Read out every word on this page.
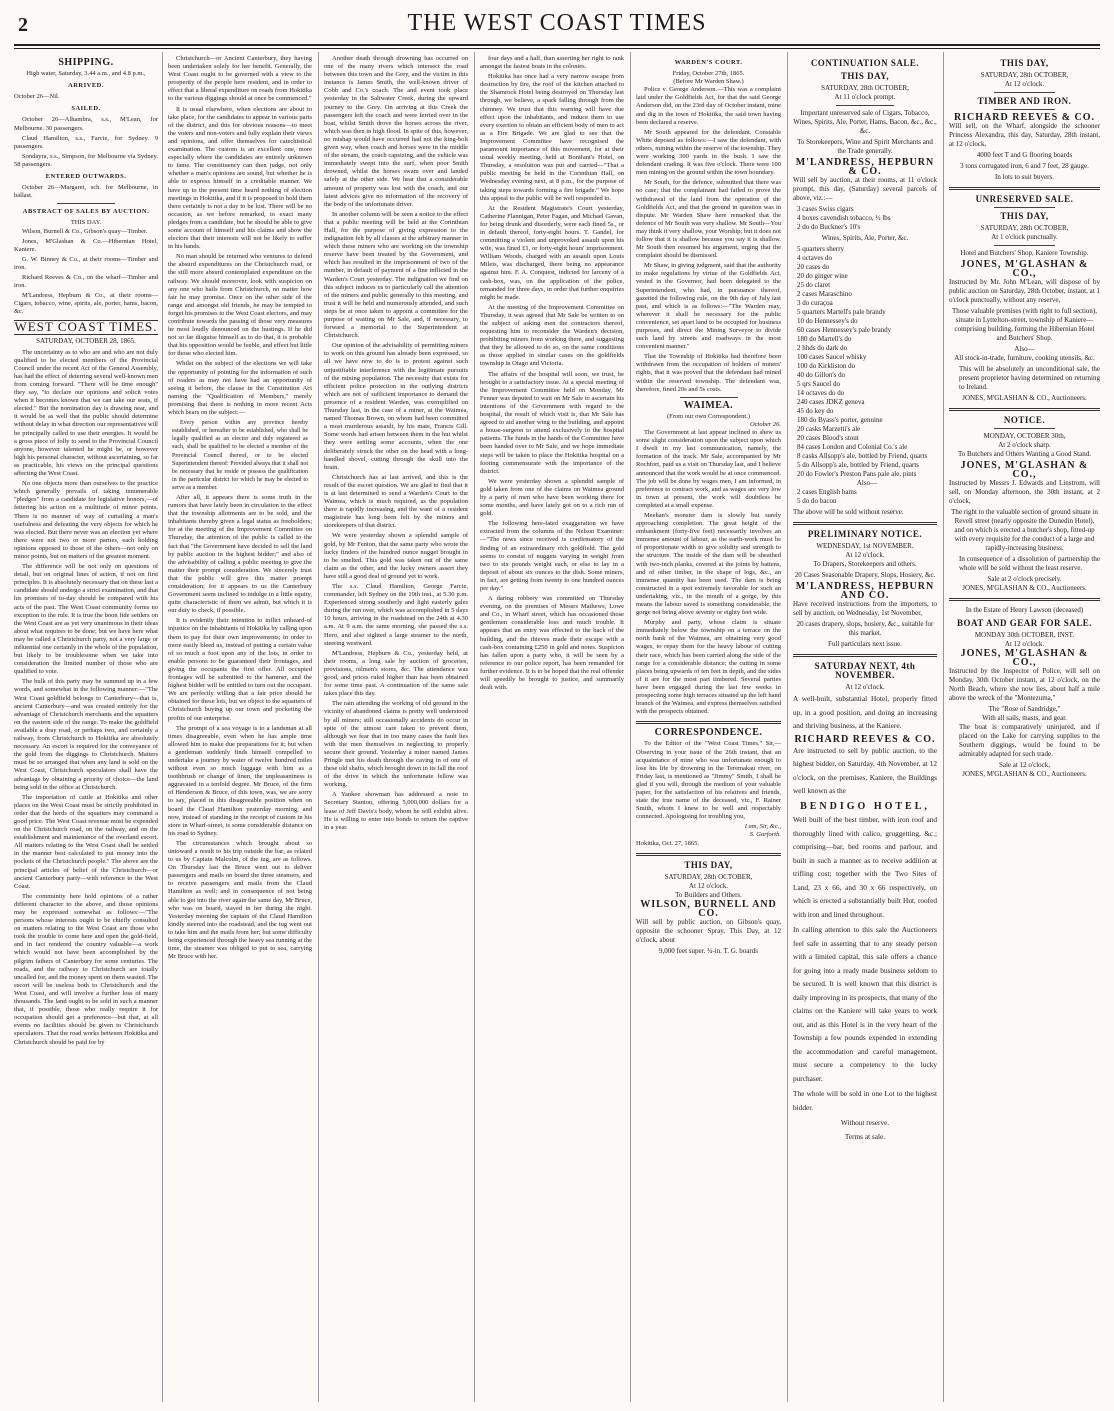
2	THE WEST COAST TIMES
SHIPPING.
High water, Saturday, 3.44 a.m., and 4.8 p.m.,
ARRIVED.
October 26—Nil.
SAILED.

October 26—Alhambra, s.s., M'Lean, for Melbourne. 30 passengers.

Claud Hamilton, s.s., Farcie, for Sydney. 9 passengers.

Sondayra, s.s., Simpson, for Melbourne via Sydney. 58 passengers.

ENTERED OUTWARDS.

October 26—Margaret, sch. for Melbourne, in ballast.

ABSTRACT OF SALES BY AUCTION.
THIS DAY.

Wilson, Burnell & Co., Gibson's quay—Timber.

Jones, M'Glashan & Co.—Hibernian Hotel, Kaniere.

G. W. Binney & Co., at their rooms—Timber and iron.

Richard Reeves & Co., on the wharf—Timber and iron.

M'Landress, Hepburn & Co., at their rooms—Cigars, tobacco, wine, spirits, ale, porter, hams, bacon, &c.

WEST COAST TIMES.
SATURDAY, OCTOBER 28, 1865.

The uncertainty as to who are and who are not duly qualified to be elected members of the Provincial Council under the recent Act of the General Assembly, has had the effect of deterring several well-known men from coming forward. "There will be time enough" they say, "to declare our opinions and solicit votes when it becomes known that we can take our seats, if elected." But the nomination day is drawing near, and it would be as well that the public should determine without delay in what direction our representatives will be principally called to use their energies. It would be a gross piece of folly to send to the Provincial Council anyone, however talented he might be, or however high his personal character, without ascertaining, so far as practicable, his views on the principal questions affecting the West Coast.

No one objects more than ourselves to the practice which generally prevails of taking innumerable "pledges" from a candidate for legislative honors,—of fettering his action on a multitude of minor points. There is no manner of way of curtailing a man's usefulness and defeating the very objects for which he was elected. But there never was an election yet where there were not two or more parties, each holding opinions opposed to those of the others—not only on minor points, but on matters of the greatest moment.

The difference will be not only on questions of detail, but on original lines of action, if not on first principles. It is absolutely necessary that on these last a candidate should undergo a strict examination, and that his promises of to-day should be compared with his acts of the past. The West Coast community forms no exception to the rule. It is true the boon fide settlers on the West Coast are as yet very unanimous in their ideas about what requires to be done; but we have here what may be called a Christchurch party, not a very large or influential one certainly in the whole of the population, but likely to be troublesome when we take into consideration the limited number of those who are qualified to vote.

The bulk of this party may be summed up in a few words, and somewhat in the following manner:—"The West Coast goldfield belongs to Canterbury—that is, ancient Canterbury—and was created entirely for the advantage of Christchurch merchants and the squatters on the eastern side of the range. To make the goldfield available a dray road, or perhaps two, and certainly a railway, from Christchurch to Hokitika are absolutely necessary. An escort is required for the conveyance of the gold from the diggings to Christchurch. Matters must be so arranged that when any land is sold on the West Coast, Christchurch speculators shall have the advantage by obtaining a priority of choice—the land being sold in the office at Christchurch.

The importation of cattle at Hokitika and other places on the West Coast must be strictly prohibited in order that the herds of the squatters may command a good price. The West Coast revenue must be expended on the Christchurch road, on the railway, and on the establishment and maintenance of the overland escort. All matters relating to the West Coast shall be settled in the manner best calculated to put money into the pockets of the Christchurch people." The above are the principal articles of belief of the Christchurch—or ancient Canterbury party—with reference to the West Coast.

The community here hold opinions of a rather different character to the above, and those opinions may be expressed somewhat as follows:—"The persons whose interests ought to be chiefly consulted on matters relating to the West Coast are those who took the trouble to come here and open the gold-field, and in fact rendered the country valuable—a work which would not have been accomplished by the pilgrim fathers of Canterbury for some centuries. The roads, and the railway to Christchurch are totally uncalled for, and the money spent on them wasted. The escort will be useless both to Christchurch and the West Coast, and will involve a further loss of many thousands. The land ought to be sold in such a manner that, if possible, those who really require it for occupation should get a preference—but that, at all events no facilities should be given to Christchurch speculators. That the road works between Hokitika and Christchurch should be paid for by

Christchurch—or Ancient Canterbury, they having been undertaken solely for her benefit. Generally, the West Coast ought to be governed with a view to the prosperity of the people here resident, and in order to effect that a liberal expenditure on roads from Hokitika to the various diggings should at once be commenced."

It is usual elsewhere, when elections are about to take place, for the candidates to appear in various parts of the district, and this for obvious reasons—to meet the voters and non-voters and fully explain their views and opinions, and offer themselves for catechistical examination. The custom is an excellent one, more especially where the candidates are entirely unknown to fame. The constituency can then judge, not only whether a man's opinions are sound, but whether he is able to express himself in a creditable manner. We have up to the present time heard nothing of election meetings in Hokitika, and if it is proposed to hold them there certainly is not a day to be lost. There will be no occasion, as we before remarked, to exact many pledges from a candidate, but he should be able to give some account of himself and his claims and show the electors that their interests will not be likely to suffer in his hands.

No man should be returned who ventures to defend the absurd expenditures on the Christchurch road, or the still more absurd contemplated expenditure on the railway. We should moreover, look with suspicion on any one who hails from Christchurch, no matter how fair he may promise. Once on the other side of the range and amongst old friends, he may be tempted to forget his promises to the West Coast electors, and may contribute towards the passing of those very measures he most loudly denounced on the hustings. If he did not so far disguise himself as to do that, it is probable that his opposition would be feeble, and effect but little for those who elected him.

Whilst on the subject of the elections we will take the opportunity of pointing for the information of such of readers as may not have had an opportunity of seeing it before, the clause in the Constitution Act naming the "Qualification of Members," merely promising that there is nothing in more recent Acts which bears on the subject:—

Every person within any province hereby established, or hereafter to be established, who shall be legally qualified as an elector and duly registered as such, shall be qualified to be elected a member of the Provincial Council thereof, or to be elected Superintendent thereof: Provided always that it shall not be necessary that he reside or possess the qualification in the particular district for which he may be elected to serve as a member.

After all, it appears there is some truth in the rumors that have lately been in circulation to the effect that the township allotments are to be sold, and the inhabitants thereby given a legal status as freeholders; for at the meeting of the Improvement Committee on Thursday, the attention of the public is called to the fact that "the Government have decided to sell the land by public auction in the highest bidder;" and also of the advisability of calling a public meeting to give the matter their prompt consideration. We sincerely trust that the public will give this matter prompt consideration; for it appears to us the Canterbury Government seem inclined to indulge in a little equity, quite characteristic of them we admit, but which it is our duty to check, if possible.

It is evidently their intention to inflict unheard-of injustice on the inhabitants of Hokitika by calling upon them to pay for their own improvements; in order to more easily bleed us, instead of putting a certain value of so much a foot upon any of the lots, in order to enable persons to be guaranteed their frontages, and giving the occupants the first offer. All occupied frontages will be submitted to the hammer, and the highest bidder will be entitled to turn out the occupant. We are perfectly willing that a fair price should be obtained for these lots, but we object to the squatters of Christchurch buying up our town and pocketing the profits of our enterprise.

The prompt of a sea voyage is to a landsman at all times disagreeable, even when he has ample time allowed him to make due preparations for it; but when a gentleman suddenly finds himself compelled to undertake a journey by water of twelve hundred miles without even so much luggage with him as a toothbrush or change of linen, the unpleasantness is aggravated in a tenfold degree. Mr Bruce, of the firm of Henderson & Bruce, of this town, was, we are sorry to say, placed in this disagreeable position when on board the Claud Hamilton yesterday morning, and now, instead of standing in the receipt of custom in his store in Wharf-street, is some considerable distance on his road to Sydney.

The circumstances which brought about so untoward a result to his trip outside the bar, as related to us by Captain Malcolm, of the tug, are as follows. On Thursday last the Bruce went out to deliver passengers and mails on board the three steamers, and to receive passengers and mails from the Claud Hamilton as well; and in consequence of not being able to get into the river again the same day, Mr Bruce, who was on board, stayed in her during the night. Yesterday morning the captain of the Claud Hamilton kindly steered into the roadstead, and the tug went out to take him and the mails from her; but some difficulty being experienced through the heavy sea running at the time, the steamer was obliged to put to sea, carrying Mr Bruce with her.

Another death through drowning has occurred on one of the many rivers which intersect the road between this town and the Grey, and the victim in this instance is James Smith, the well-known driver of Cobb and Co.'s coach. The and event took place yesterday in the Saltwater Creek, during the upward journey to the Grey. On arriving at this Creek the passengers left the coach and were ferried over in the boat, whilst Smith drove the horses across the river, which was then in high flood. In spite of this, however, no mishap would have occurred had not the king-bolt given way, when coach and horses were in the middle of the stream, the coach capsizing, and the vehicle was immediately swept into the surf, when poor Smith drowned, whilst the horses swam over and landed safely at the other side. We hear that a considerable amount of property was lost with the coach, and our latest advices give no information of the recovery of the body of the unfortunate driver.

In another column will be seen a notice to the effect that a public meeting will be held at the Corinthian Hall, for the purpose of giving expression to the indignation felt by all classes at the arbitrary manner in which these miners who are working on the township reserve have been treated by the Government, and which has resulted in the imprisonment of two of the number, in default of payment of a fine inflicted in the Warden's Court yesterday. The indignation we find on this subject induces us to particularly call the attention of the miners and public generally to this meeting, and trust it will be held and numerously attended, and such steps be at once taken to appoint a committee for the purpose of waiting on Mr Sale, and, if necessary, to forward a memorial to the Superintendent at Christchurch.

Our opinion of the advisability of permitting miners to work on this ground has already been expressed, so all we have now to do is to protest against such unjustifiable interference with the legitimate pursuits of the mining population. The necessity that exists for efficient police protection in the outlying districts which are not of sufficient importance to demand the presence of a resident Warden, was exemplified on Thursday last, in the case of a miner, at the Waimea, named Thomas Brown, on whom had been committed a most murderous assault, by his mate, Francis Gill. Some words had arisen between them in the hut whilst they were settling some accounts, when the one deliberately struck the other on the head with a long-handled shovel, cutting through the skull into the brain.

Christchurch has at last arrived, and this is the result of the escort question. We are glad to find that it is at last determined to send a Warden's Court to the Waimea, which is much required, as the population there is rapidly increasing, and the want of a resident magistrate has long been felt by the miners and storekeepers of that district.

We were yesterday shown a splendid sample of gold, by Mr Fenton, that the same party who wrote the lucky finders of the hundred ounce nugget brought in to be smelted. This gold was taken out of the same claim as the other, and the lucky owners assert they have still a good deal of ground yet to work.

The s.s. Claud Hamilton, George Farcie, commander, left Sydney on the 19th inst., at 5.30 p.m. Experienced strong southerly and light easterly gales during the run over, which was accomplished in 5 days 10 hours, arriving in the roadstead on the 24th at 4.30 a.m. At 9 a.m. the same morning, she passed the s.s. Hero, and also sighted a large steamer to the north, steering westward.

M'Landress, Hepburn & Co., yesterday held, at their rooms, a long sale by auction of groceries, provisions, oilmen's stores, &c. The attendance was good, and prices ruled higher than has been obtained for some time past. A continuation of the same sale takes place this day.

The rain attending the working of old ground in the vicinity of abandoned claims is pretty well understood by all miners; still occasionally accidents do occur in spite of the utmost care taken to prevent them, although we fear that in too many cases the fault lies with the men themselves in neglecting to properly secure their ground. Yesterday a miner named James Pringle met his death through the caving in of one of these old shafts, which brought down in its fall the roof of the drive in which the unfortunate fellow was working.

A Yankee showman has addressed a note to Secretary Stanton, offering 5,000,000 dollars for a lease of Jeff Davis's body, whom he will exhibit alive. He is willing to enter into bonds to return the captive in a year.

four days and a half, than asserting her right to rank amongst the fastest boats in the colonies.

Hokitika has once had a very narrow escape from destruction by fire, the roof of the kitchen attached to the Shamrock Hotel being destroyed on Thursday last through, we believe, a spark falling through from the chimney. We trust that this warning will have due effect upon the inhabitants, and induce them to use every exertion to obtain an efficient body of men to act as a Fire Brigade. We are glad to see that the Improvement Committee have recognised the paramount importance of this movement, for at their usual weekly meeting, held at Bonifant's Hotel, on Thursday, a resolution was put and carried—"That a public meeting be held in the Corinthian Hall, on Wednesday evening next, at 8 p.m., for the purpose of taking steps towards forming a fire brigade." We hope this appeal to the public will be well responded to.

At the Resident Magistrate's Court yesterday, Catherine Flannigan, Peter Fagan, and Michael Gavan, for being drunk and disorderly, were each fined 5s., or in default thereof, forty-eight hours. T. Gandel, for committing a violent and unprovoked assault upon his wife, was fined £1, or forty-eight hours' imprisonment. William Woods, charged with an assault upon Louis Mileis, was discharged, there being no appearance against him. F. A. Conquest, indicted for larceny of a cash-box, was, on the application of the police, remanded for three days, in order that further enquiries might be made.

At the meeting of the Improvement Committee on Thursday, it was agreed that Mr Sale be written to on the subject of asking men the contractors thereof, requesting him to reconsider the Warden's decision, prohibiting miners from working there, and suggesting that they be allowed to do so, on the same conditions as those applied in similar cases on the goldfields township in Otago and Victoria.

The affairs of the hospital will soon, we trust, be brought to a satisfactory issue. At a special meeting of the Improvement Committee held on Monday, Mr Fenner was deputed to wait on Mr Sale to ascertain his intentions of the Government with regard to the hospital, the result of which visit is, that Mr Sale has agreed to aid another wing to the building, and appoint a house-surgeon to attend exclusively to the hospital patients. The funds in the hands of the Committee have been handed over to Mr Sale, and we hope immediate steps will be taken to place the Hokitika hospital on a footing commensurate with the importance of the district.

We were yesterday shown a splendid sample of gold taken from one of the claims on Waimea ground by a party of men who have been working there for some months, and have lately got on to a rich run of gold.

The following here-fated exaggeration we have extracted from the columns of the Nelson Examiner:—"The news since received is confirmatory of the finding of an extraordinary rich goldfield. The gold seems to consist of nuggets varying in weight from two to six pounds weight each, or else to lay in a deposit of about six ounces to the dish. Some miners, in fact, are getting from twenty to one hundred ounces per day."

A daring robbery was committed on Thursday evening, on the premises of Messrs Mathews, Lowe and Co., in Wharf street, which has occasioned those gentlemen considerable loss and much trouble. It appears that an entry was effected to the back of the building, and the thieves made their escape with a cash-box containing £250 in gold and notes. Suspicion has fallen upon a party who, it will be seen by a reference to our police report, has been remanded for further evidence. It is to be hoped that the real offender will speedily be brought to justice, and summarily dealt with.

WARDEN'S COURT.
Friday, October 27th, 1865.
(Before Mr Warden Shaw.)

Police v. George Anderson.—This was a complaint laid under the Goldfields Act, for that the said George Anderson did, on the 23rd day of October instant, mine and dig in the town of Hokitika, the said town having been declared a reserve.

Mr South appeared for the defendant. Constable White deposed as follows:—I saw the defendant, with others, mining within the reserve of the township. They were working 300 yards in the bush. I saw the defendant crading. It was five o'clock. There were 100 men mining on the ground within the town boundary.

Mr South, for the defence, submitted that there was no case; that the complainant had failed to prove the withdrawal of the land from the operation of the Goldfields Act, and that the ground in question was in dispute. Mr Warden Shaw here remarked that the defence of Mr South was very shallow. Mr South—You may think it very shallow, your Worship; but it does not follow that it is shallow because you say it is shallow. Mr South then resumed his argument, urging that the complaint should be dismissed.

Mr Shaw, in giving judgment, said that the authority to make regulations by virtue of the Goldfields Act, vested in the Governor, had been delegated to the Superintendent, who had, in pursuance thereof, gazetted the following rule, on the 9th day of July last past, and which is as follows:—"The Warden may, wherever it shall be necessary for the public convenience, set apart land to be occupied for business purposes, and direct the Mining Surveyor to divide such land by streets and roadways in the most convenient manner."

That the Township of Hokitika had therefore been withdrawn from the occupation of holders of miners' rights, that it was proved that the defendant had mined within the reserved township. The defendant was, therefore, fined 20s and 5s costs.

WAIMEA.
(From our own Correspondent.)
October 26.

The Government at last appear inclined to shew us some slight consideration upon the subject upon which I dwelt in my last communication, namely, the formation of the track. Mr Sale, accompanied by Mr Rochfort, paid us a visit on Thursday last, and I believe announced that the work would be at once commenced. The job will be done by wages men, I am informed, in preference to contract work, and as wages are very low in town at present, the work will doubtless be completed at a small expense.

Meehan's monster dam is slowly but surely approaching completion. The great height of the embankment (forty-five feet) necessarily involves an immense amount of labour, as the earth-work must be of proportionate width to give solidity and strength to the structure. The inside of the dam will be sheathed with two-inch planks, covered at the joints by battens, and of other timber, in the shape of logs, &c., an immense quantity has been used. The dam is being constructed in a spot extremely favorable for such an undertaking, viz., in the mouth of a gorge, by this means the labour saved is something considerable, the gorge not being above seventy or eighty feet wide.

Murphy and party, whose claim is situate immediately below the township on a terrace on the north bank of the Waimea, are obtaining very good wages, to repay them for the heavy labour of cutting their race, which has been carried along the side of the range for a considerable distance; the cutting in some places being upwards of ten feet in depth, and the sides of it are for the most part timbered. Several parties have been engaged during the last few weeks in prospecting some high terraces situated up the left hand branch of the Waimea, and express themselves satisfied with the prospects obtained.

CORRESPONDENCE.

To the Editor of the "West Coast Times." Sir,—Observing in your issue of the 26th instant, that an acquaintance of mine who was unfortunate enough to lose his life by drowning in the Teremakau river, on Friday last, is mentioned as "Jimmy" Smith, I shall be glad if you will, through the medium of your valuable paper, for the satisfaction of his relatives and friends, state the true name of the deceased, viz., F. Rainer Smith, whom I knew to be well and respectably connected. Apologising for troubling you,

I am, Sir, &c.,
S. Garforth.
Hokitika, Oct. 27, 1865.
THIS DAY,
SATURDAY, 28th OCTOBER,
At 12 o'clock.
To Builders and Others.
WILSON, BURNELL AND CO.

Will sell by public auction, on Gibson's quay, opposite the schooner Spray, This Day, at 12 o'clock, about

9,000 feet super. ¾-in. T. G. boards
CONTINUATION SALE.
THIS DAY,
SATURDAY, 28th OCTOBER,
At 11 o'clock prompt.

Important unreserved sale of Cigars, Tobacco, Wines, Spirits, Ale, Porter, Hams, Bacon, &c., &c., &c.

To Storekeepers, Wine and Spirit Merchants and the Trade generally.

M'LANDRESS, HEPBURN & CO.

Will sell by auction, at their rooms, at 11 o'clock prompt, this day, (Saturday) several parcels of above, viz.:—

3 cases Swiss cigars
4 boxes cavendish tobacco, ½ lbs
2 do do Buckner's 10's
Wines, Spirits, Ale, Porter, &c.
5 quarters sherry
4 octaves do
20 cases do
20 do ginger wine
25 do claret
2 cases Maraschino
3 do curaçoa
5 quarters Martell's pale brandy
10 do Hennessey's do
60 cases Hennessey's pale brandy
180 do Martell's do
2 hhds do dark do
100 cases Saucel whisky
100 do Kirkliston do
40 do Gillon's do
5 qrs Saucel do
14 octaves do do
240 cases JDKZ geneva
45 do key do
180 do Byass's porter, genuine
20 casks Marzetti's ale
20 cases Blood's stout
84 cases London and Colonial Co.'s ale
8 casks Allsopp's ale, bottled by Friend, quarts
5 do Allsopp's ale, bottled by Friend, quarts
20 do Fowler's Preston Pans pale ale, pints
Also—
2 cases English hams
5 do do bacon

The above will be sold without reserve.

PRELIMINARY NOTICE.
WEDNESDAY, 1st NOVEMBER.
At 12 o'clock.

To Drapers, Storekeepers and others.

20 Cases Seasonable Drapery, Slops, Hosiery, &c.

M'LANDRESS, HEPBURN AND CO.

Have received instructions from the importers, to sell by auction, on Wednesday, 1st November,

20 cases drapery, slops, hosiery, &c., suitable for this market.

Full particulars next issue.

SATURDAY NEXT, 4th NOVEMBER.
At 12 o'clock.

A well-built, substantial Hotel, properly fitted up, in a good position, and doing an increasing and thriving business, at the Kaniere.

RICHARD REEVES & CO.

Are instructed to sell by public auction, to the highest bidder, on Saturday, 4th November, at 12 o'clock, on the premises, Kaniere, the Buildings well known as the

BENDIGO HOTEL,

Well built of the best timber, with iron roof and thoroughly lined with calico, gruggetting, &c.; comprising—bar, bed rooms and parlour, and built in such a manner as to receive addition at trifling cost; together with the Two Sites of Land, 23 x 66, and 30 x 66 respectively, on which is erected a substantially built Hut, roofed with iron and lined throughout.

In calling attention to this sale the Auctioneers feel safe in asserting that to any steady person with a limited capital, this sale offers a chance for going into a ready made business seldom to be secured. It is well known that this district is daily improving in its prospects, that many of the claims on the Kaniere will take years to work out, and as this Hotel is in the very heart of the Township a few pounds expended in extending the accommodation and careful management, must secure a competency to the lucky purchaser.

The whole will be sold in one Lot to the highest bidder.

Without reserve.
Terms at sale.
THIS DAY,
SATURDAY, 28th OCTOBER,
At 12 o'clock.
TIMBER AND IRON.
RICHARD REEVES & CO.

Will sell, on the Wharf, alongside the schooner Princess Alexandra, this day, Saturday, 28th instant, at 12 o'clock,

4000 feet T and G flooring boards

3 tons corrugated iron, 6 and 7 feet, 28 gauge.

In lots to suit buyers.
UNRESERVED SALE.
THIS DAY,
SATURDAY, 28th OCTOBER,
At 1 o'clock punctually.

Hotel and Butchers' Shop, Kaniere Township.

JONES, M'GLASHAN & CO.,

Instructed by Mr. John M'Lean, will dispose of by public auction on Saturday, 28th October, instant, at 1 o'clock punctually, without any reserve,

Those valuable premises (with right to full section), situate in Lyttelton-street, township of Kaniere—comprising building, forming the Hibernian Hotel and Butchers' Shop.

Also—

All stock-in-trade, furniture, cooking utensils, &c.

This will be absolutely an unconditional sale, the present proprietor having determined on returning to Ireland.

JONES, M'GLASHAN & CO., Auctioneers.
NOTICE.
MONDAY, OCTOBER 30th,
At 2 o'clock sharp.

To Butchers and Others Wanting a Good Stand.

JONES, M'GLASHAN & CO.,

Instructed by Messrs J. Edwards and Linstrom, will sell, on Monday afternoon, the 30th instant, at 2 o'clock,

The right to the valuable section of ground situate in Revell street (nearly opposite the Dunedin Hotel), and on which is erected a butcher's shop, fitted-up with every requisite for the conduct of a large and rapidly-increasing business.

In consequence of a dissolution of partnership the whole will be sold without the least reserve.

Sale at 2 o'clock precisely.
JONES, M'GLASHAN & CO., Auctioneers.

In the Estate of Henry Lawson (deceased)

BOAT AND GEAR FOR SALE.
MONDAY 30th OCTOBER, INST.
At 12 o'clock.
JONES, M'GLASHAN & CO.,

Instructed by the Inspector of Police, will sell on Monday, 30th October instant, at 12 o'clock, on the North Beach, where she now lies, about half a mile above the wreck of the "Montezuma,"

The "Rose of Sandridge,"
With all sails, masts, and gear.

The boat is comparatively uninjured, and if placed on the Lake for carrying supplies to the Southern diggings, would be found to be admirably adapted for such trade.

Sale at 12 o'clock,
JONES, M'GLASHAN & CO., Auctioneers.
